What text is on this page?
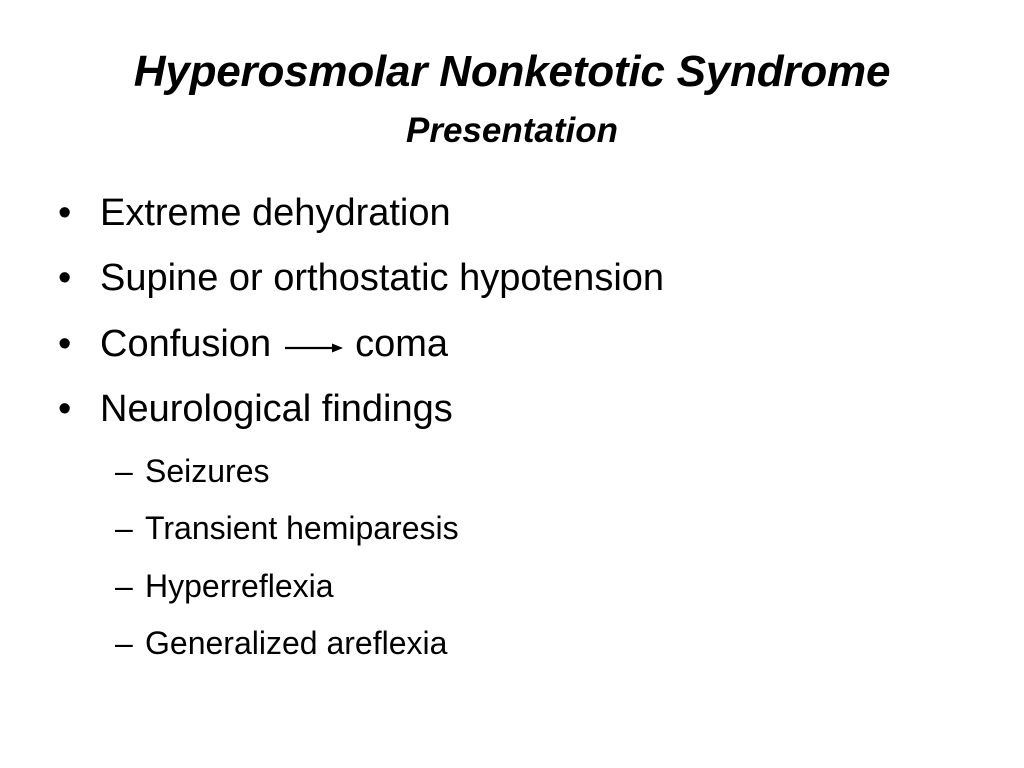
Hyperosmolar Nonketotic Syndrome
Presentation
• Extreme dehydration
• Supine or orthostatic hypotension
• Confusion coma
• Neurological findings
– Seizures
– Transient hemiparesis
– Hyperreflexia
– Generalized areflexia
